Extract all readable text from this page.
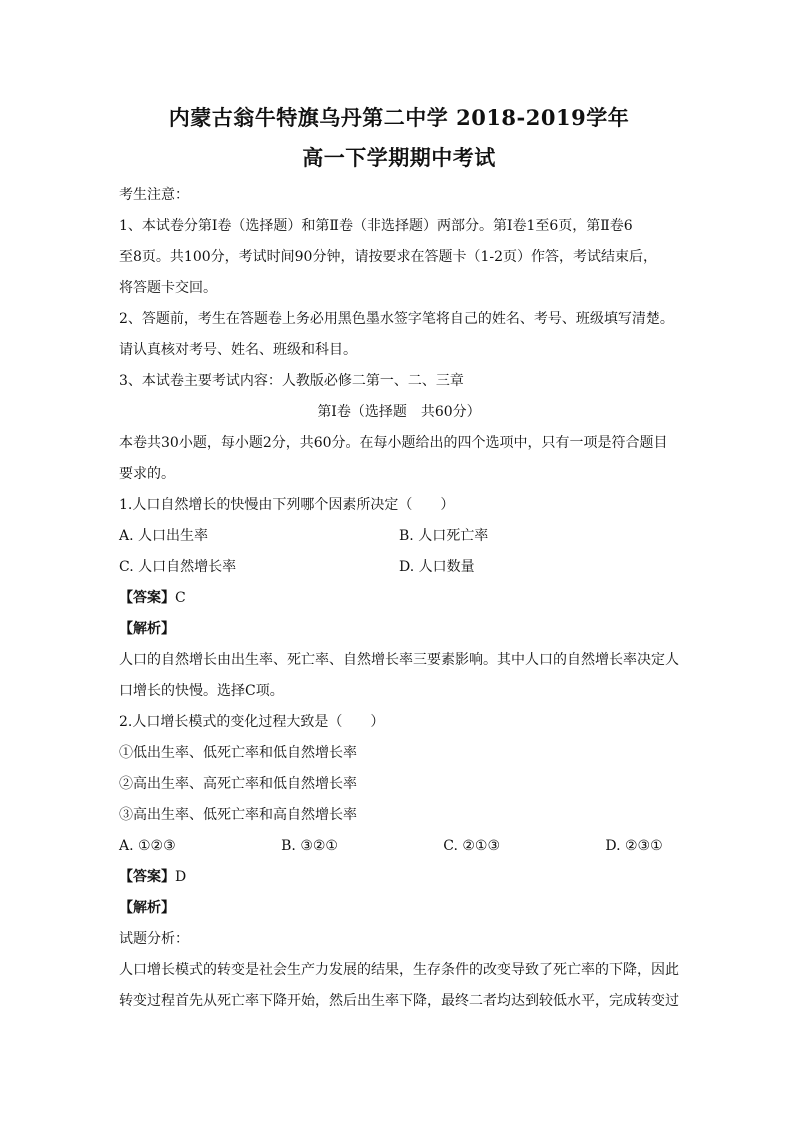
内蒙古翁牛特旗乌丹第二中学 2018-2019学年
高一下学期期中考试

考生注意：

1、本试卷分第Ⅰ卷（选择题）和第Ⅱ卷（非选择题）两部分。第Ⅰ卷1至6页，第Ⅱ卷6

至8页。共100分，考试时间90分钟，请按要求在答题卡（1-2页）作答，考试结束后，

将答题卡交回。

2、答题前，考生在答题卷上务必用黑色墨水签字笔将自己的姓名、考号、班级填写清楚。

请认真核对考号、姓名、班级和科目。

3、本试卷主要考试内容：人教版必修二第一、二、三章

第Ⅰ卷（选择题　共60分）

本卷共30小题，每小题2分，共60分。在每小题给出的四个选项中，只有一项是符合题目

要求的。

1.人口自然增长的快慢由下列哪个因素所决定（　　）

A. 人口出生率	B. 人口死亡率
C. 人口自然增长率	D. 人口数量

【答案】C

【解析】

人口的自然增长由出生率、死亡率、自然增长率三要素影响。其中人口的自然增长率决定人

口增长的快慢。选择C项。

2.人口增长模式的变化过程大致是（　　）

①低出生率、低死亡率和低自然增长率

②高出生率、高死亡率和低自然增长率

③高出生率、低死亡率和高自然增长率

A. ①②③	B. ③②①	C. ②①③	D. ②③①

【答案】D

【解析】

试题分析：

人口增长模式的转变是社会生产力发展的结果，生存条件的改变导致了死亡率的下降，因此

转变过程首先从死亡率下降开始，然后出生率下降，最终二者均达到较低水平，完成转变过
